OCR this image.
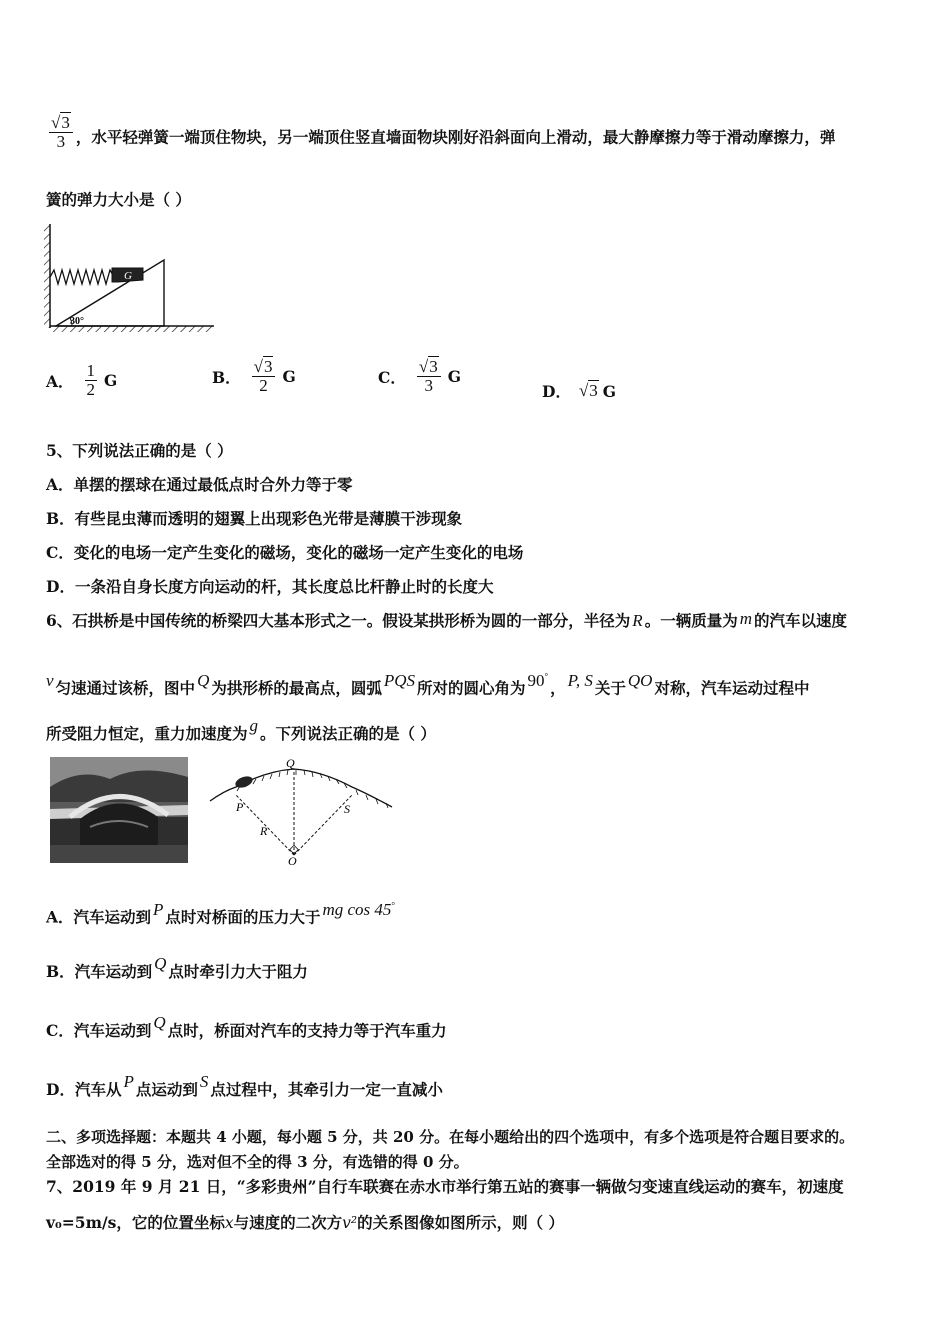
$\frac{√3}{3}$ ，水平轻弹簧一端顶住物块，另一端顶住竖直墙面物块刚好沿斜面向上滑动，最大静摩擦力等于滑动摩擦力，弹
簧的弹力大小是（ ）
G
30°
A． $\frac{1}{2}$ G	B． $\frac{√3}{2}$ G	C． $\frac{√3}{3}$ G
D． √3 G
5、下列说法正确的是（ ）
A．单摆的摆球在通过最低点时合外力等于零
B．有些昆虫薄而透明的翅翼上出现彩色光带是薄膜干涉现象
C．变化的电场一定产生变化的磁场，变化的磁场一定产生变化的电场
D．一条沿自身长度方向运动的杆，其长度总比杆静止时的长度大
6、石拱桥是中国传统的桥梁四大基本形式之一。假设某拱形桥为圆的一部分，半径为 R 。一辆质量为 m 的汽车以速度
v 匀速通过该桥，图中 Q 为拱形桥的最高点，圆弧 PQS 所对的圆心角为 90°， P, S 关于 QO 对称，汽车运动过程中
所受阻力恒定，重力加速度为 g 。下列说法正确的是（ ）
Q
P	S
R
O
A．汽车运动到 P 点时对桥面的压力大于 mg cos 45°
B．汽车运动到 Q 点时牵引力大于阻力
C．汽车运动到 Q 点时，桥面对汽车的支持力等于汽车重力
D．汽车从 P 点运动到 S 点过程中，其牵引力一定一直减小
二、多项选择题：本题共 4 小题，每小题 5 分，共 20 分。在每小题给出的四个选项中，有多个选项是符合题目要求的。
全部选对的得 5 分，选对但不全的得 3 分，有选错的得 0 分。
7、2019 年 9 月 21 日，“多彩贵州”自行车联赛在赤水市举行第五站的赛事一辆做匀变速直线运动的赛车，初速度
v₀=5m/s，它的位置坐标x与速度的二次方v²的关系图像如图所示，则（ ）
